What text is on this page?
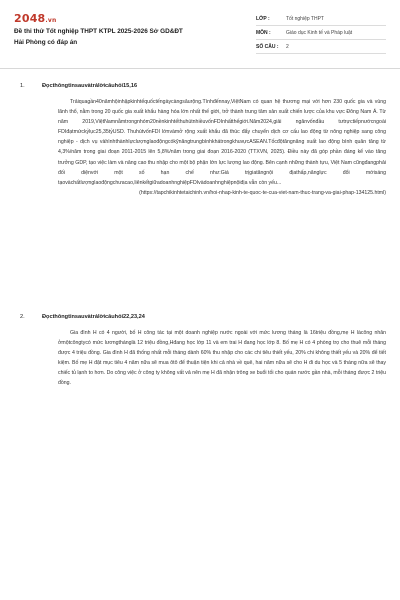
2048.vn
Đề thi thử Tốt nghiệp THPT KTPL 2025-2026 Sở GD&ĐT
Hải Phòng có đáp án
LỚP :	Tốt nghiệp THPT
MÔN :	Giáo dục Kinh tế và Pháp luật
SỐ CÂU :	2
1.	Đọcthôngtinsauvàtrảlờicâuhỏi15,16

Trảiquagần40nămhộinhậpkinhtếquốctếngàycàngsâurộng.Tínhđếnnay,ViệtNam có quan hệ thương mại với hơn 230 quốc gia và vùng lãnh thổ, nằm trong 20 quốc gia xuất khẩu hàng hóa lớn nhất thế giới, trở thành trung tâm sản xuất chiến lược của khu vực Đông Nam Á. Từ năm 2019,ViệtNamnằmtrongnhóm20nềnkinhtếthuhútnhiềuvốnFDInhấtthếgiới.Năm2024,giải ngânvốnđầu tưtrựctiếpnướcngoài FDIđạtmứckỷlục25,35tỷUSD. ThuhútvốnFDI lớnvàmở rộng xuất khẩu đã thúc đẩy chuyển dịch cơ cấu lao động từ nông nghiệp sang công nghiệp - dịch vụ vàhìnhthànhlựclượnglaođộngcókỹnăngtrungbìnhkhátrongkhuvựcASEAN.Tốcđộtăngnăng xuất lao động bình quân tăng từ 4,3%/năm trong giai đoạn 2011-2015 lên 5,8%/năm trong giai đoạn 2016-2020 (TTXVN, 2025). Điều này đã góp phần đáng kể vào tăng trưởng GDP, tạo việc làm và nâng cao thu nhập cho một bộ phận lớn lực lượng lao động. Bên cạnh những thành tựu, Việt Nam cũngđangphải đối diệnvới một số hạn chế như:Giá trịgiatăngnội địathấp,nănglực đổi mớisáng tạovàchấtlượnglaođộngchưacao,liênkếtgiữadoanhnghiệpFDIvàdoanhnghiệpnộiđịa vẫn còn yếu...

(https://tapchikinhtetaichinh.vn/hoi-nhap-kinh-te-quoc-te-cua-viet-nam-thuc-trang-va-giai-phap-134125.html)
2.	Đọcthôngtinsauvàtrảlờicâuhỏi22,23,24

Gia đình H có 4 người, bố H công tác tại một doanh nghiệp nước ngoài với mức lương tháng là 16triệu đồng,mẹ H làcông nhân ởmộtcôngtycó mức lươngthánglà 12 triệu đồng,Hđang học lớp 11 và em trai H đang học lớp 8. Bố mẹ H có 4 phòng trọ cho thuê mỗi tháng được 4 triệu đồng. Gia đình H đã thống nhất mỗi tháng dành 60% thu nhập cho các chi tiêu thiết yếu, 20% chi không thiết yếu và 20% để tiết kiệm. Bố mẹ H đặt mục tiêu 4 năm nữa sẽ mua ôtô để thuận tiện khi cả nhà về quê, hai năm nữa sẽ cho H đi du học và 5 tháng nữa sẽ thay chiếc tủ lạnh to hơn. Do công việc ở công ty không vất vả nên mẹ H đã nhận trông xe buổi tối cho quán nước gần nhà, mỗi tháng được 2 triệu đồng.
